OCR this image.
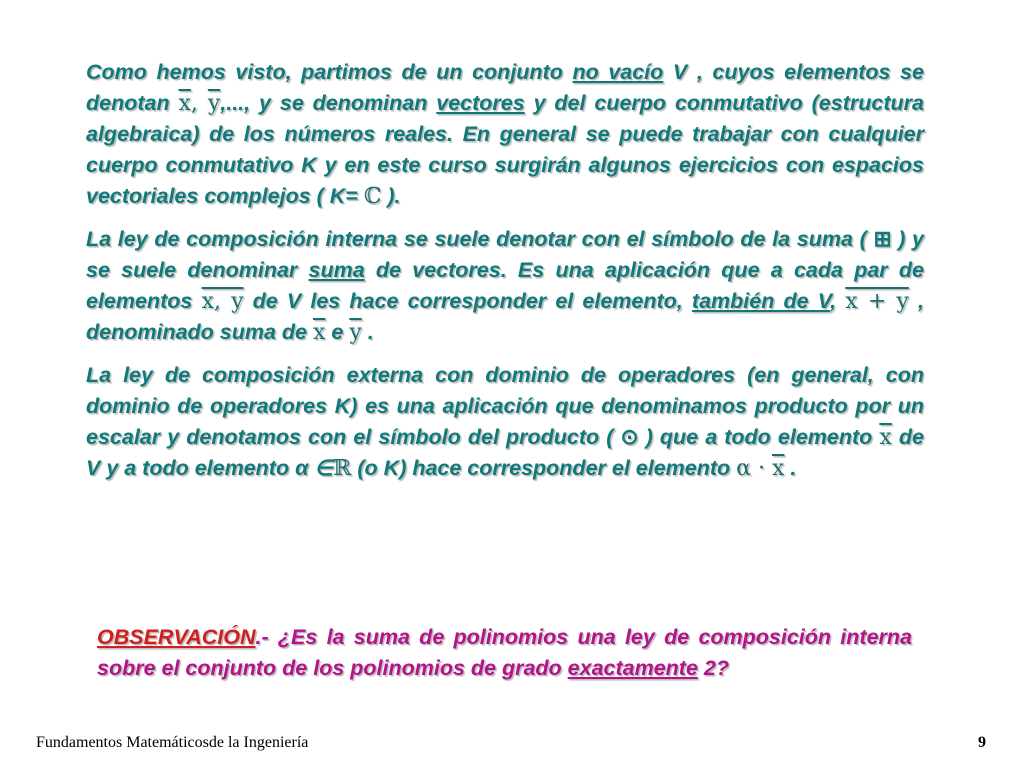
Como hemos visto, partimos de un conjunto no vacío V , cuyos elementos se denotan $\overline{x}$, $\overline{y}$,..., y se denominan vectores y del cuerpo conmutativo (estructura algebraica) de los números reales. En general se puede trabajar con cualquier cuerpo conmutativo K y en este curso surgirán algunos ejercicios con espacios vectoriales complejos ( K= ℂ ).

La ley de composición interna se suele denotar con el símbolo de la suma ( ⊞ ) y se suele denominar suma de vectores. Es una aplicación que a cada par de elementos x, y de V les hace corresponder el elemento, también de V, x + y , denominado suma de $\overline{x}$ e $\overline{y}$ .

La ley de composición externa con dominio de operadores (en general, con dominio de operadores K) es una aplicación que denominamos producto por un escalar y denotamos con el símbolo del producto ( ⊙ ) que a todo elemento $\overline{x}$ de V y a todo elemento α ∈ℝ (o K) hace corresponder el elemento $\alpha \cdot \overline{x}$ .

OBSERVACIÓN.- ¿Es la suma de polinomios una ley de composición interna sobre el conjunto de los polinomios de grado exactamente 2?
Fundamentos Matemáticosde la Ingeniería	9
